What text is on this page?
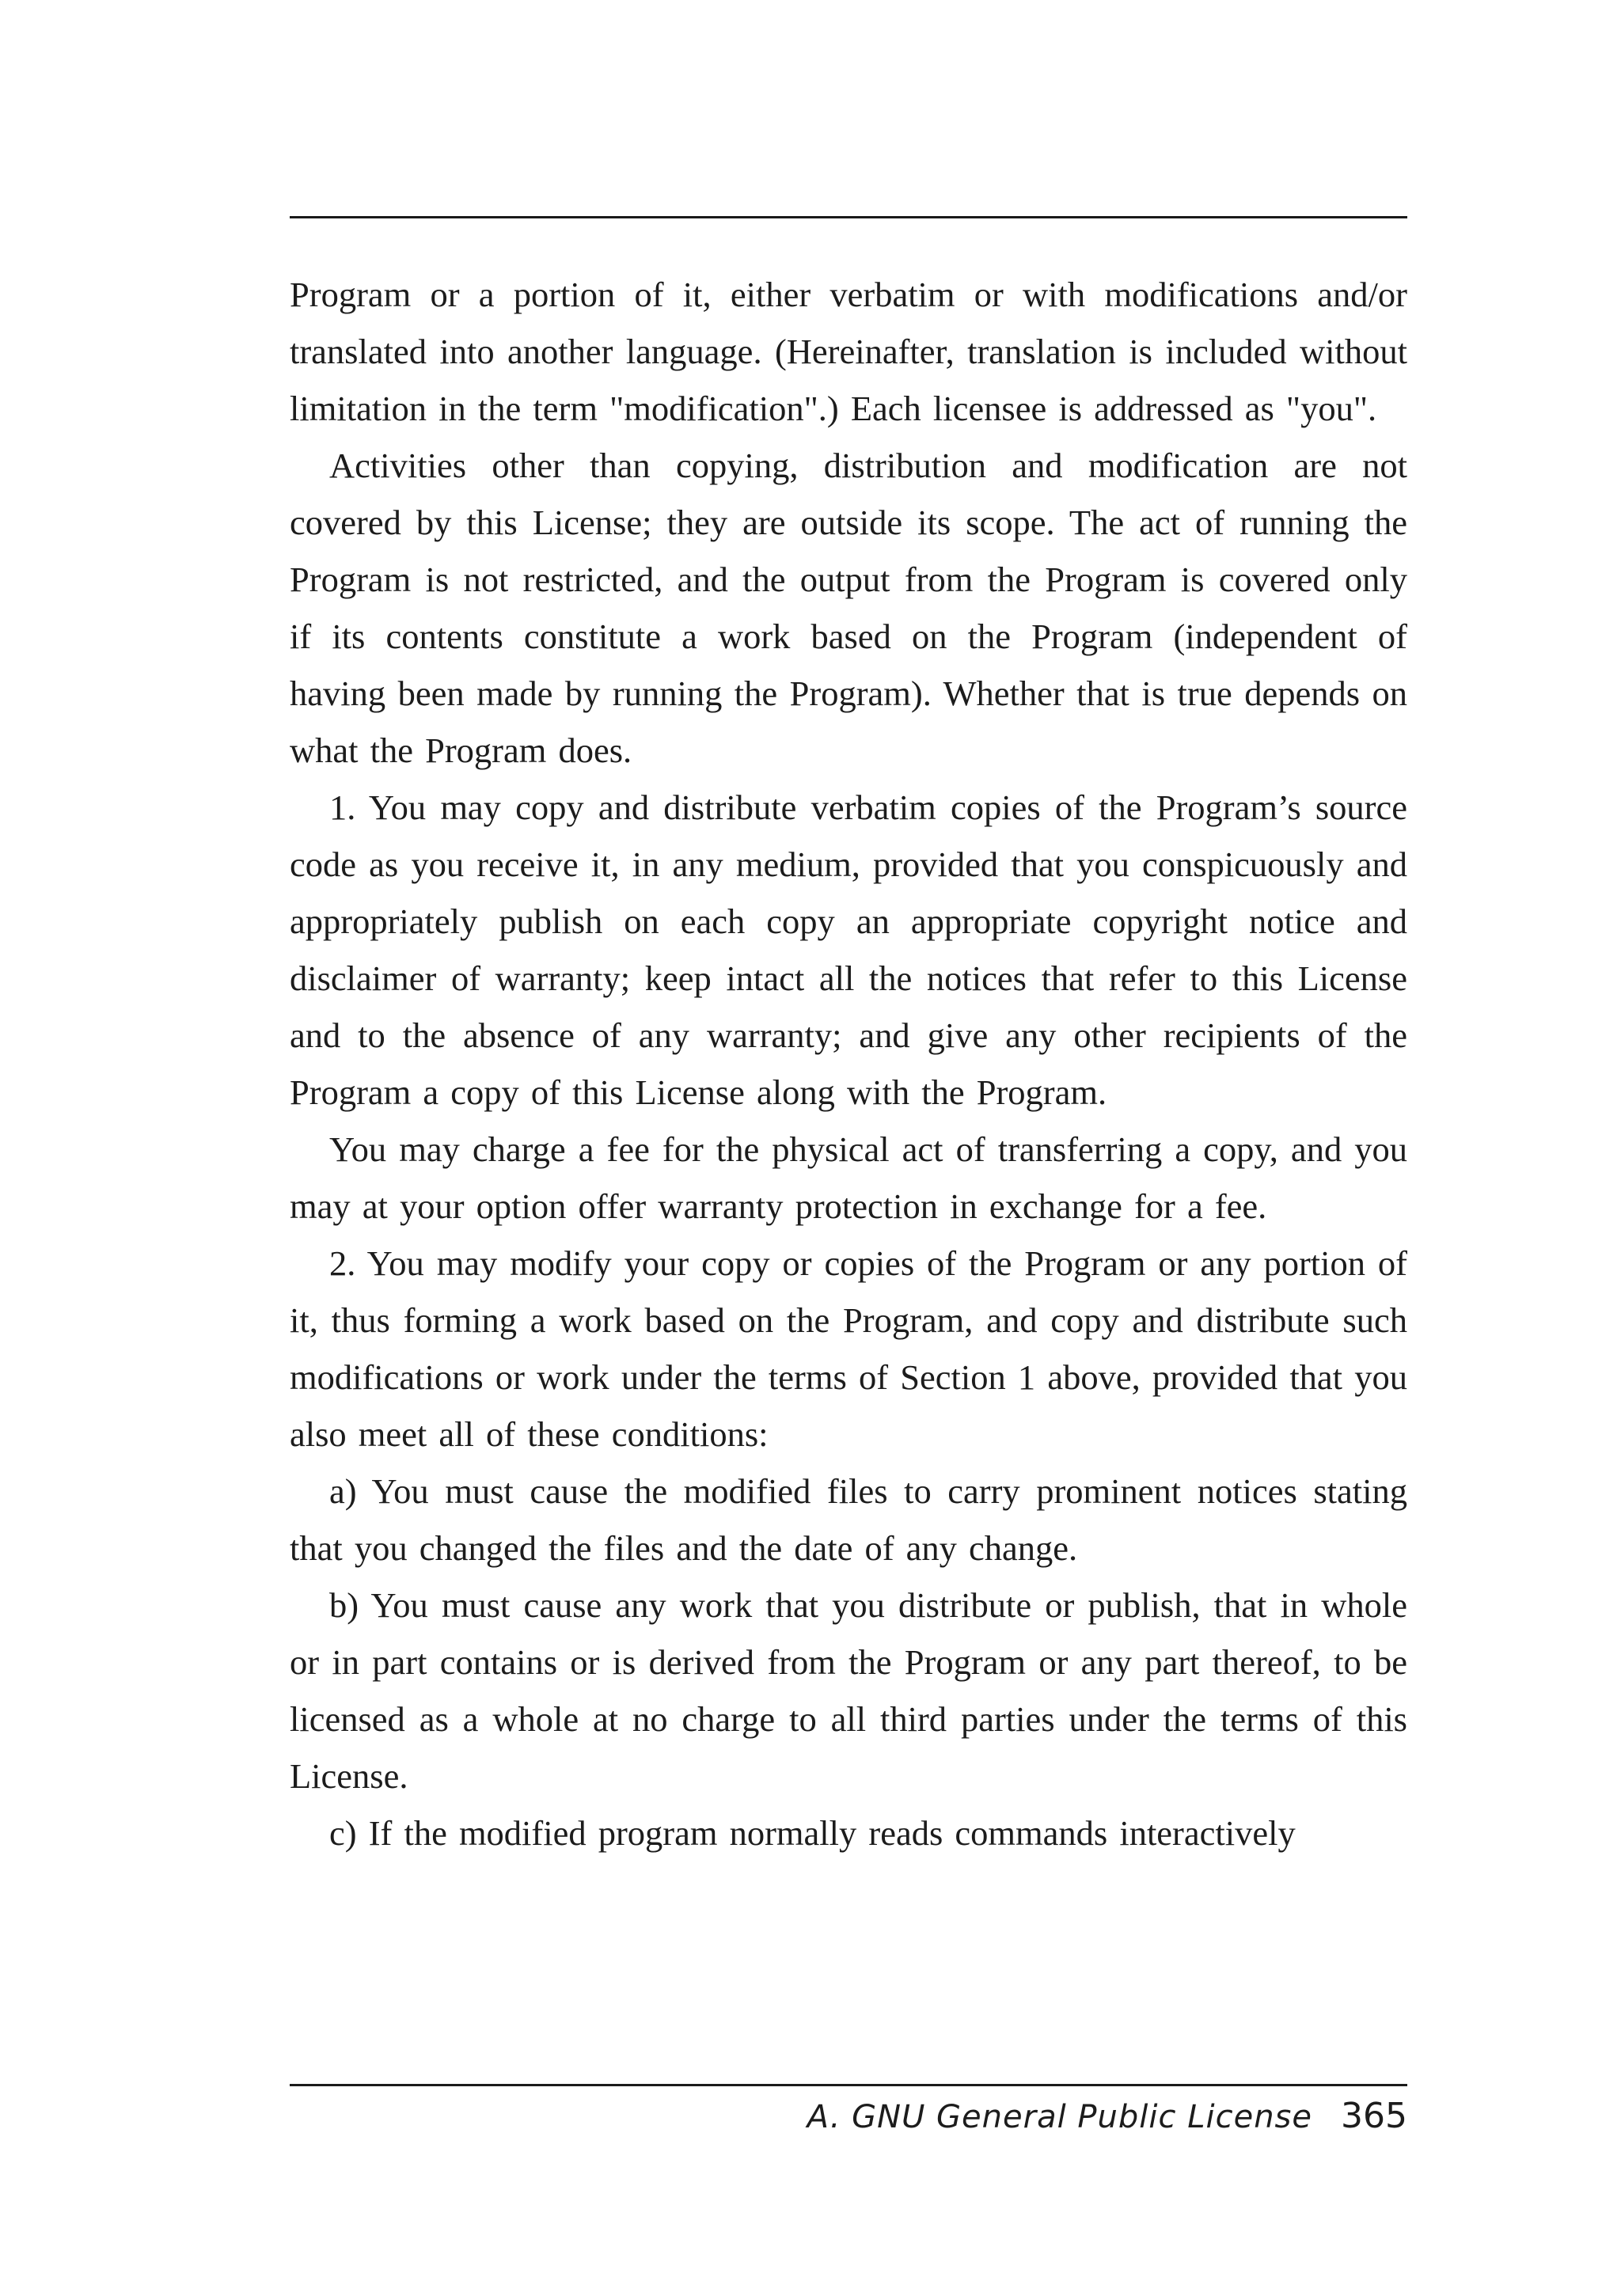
Program or a portion of it, either verbatim or with modifications and/or translated into another language. (Hereinafter, translation is included without limitation in the term "modification".) Each licensee is addressed as "you".

Activities other than copying, distribution and modification are not covered by this License; they are outside its scope. The act of running the Program is not restricted, and the output from the Program is covered only if its contents constitute a work based on the Program (independent of having been made by running the Program). Whether that is true depends on what the Program does.

1. You may copy and distribute verbatim copies of the Program’s source code as you receive it, in any medium, provided that you conspicuously and appropriately publish on each copy an appropriate copyright notice and disclaimer of warranty; keep intact all the notices that refer to this License and to the absence of any warranty; and give any other recipients of the Program a copy of this License along with the Program.

You may charge a fee for the physical act of transferring a copy, and you may at your option offer warranty protection in exchange for a fee.

2. You may modify your copy or copies of the Program or any portion of it, thus forming a work based on the Program, and copy and distribute such modifications or work under the terms of Section 1 above, provided that you also meet all of these conditions:

a) You must cause the modified files to carry prominent notices stating that you changed the files and the date of any change.

b) You must cause any work that you distribute or publish, that in whole or in part contains or is derived from the Program or any part thereof, to be licensed as a whole at no charge to all third parties under the terms of this License.

c) If the modified program normally reads commands interactively

A. GNU General Public License 365
